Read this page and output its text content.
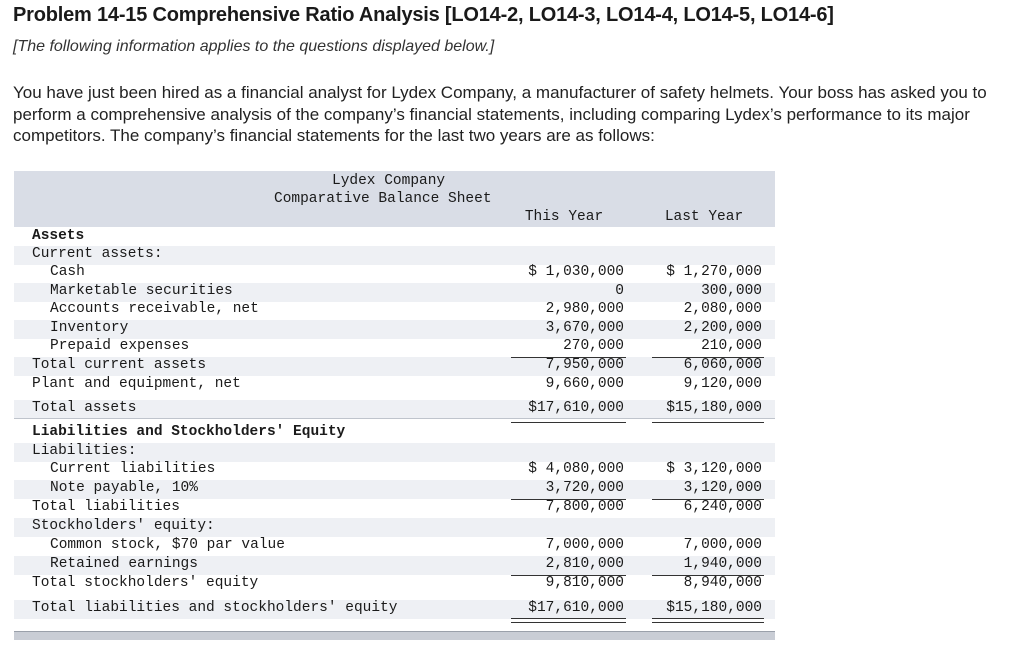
Problem 14-15 Comprehensive Ratio Analysis [LO14-2, LO14-3, LO14-4, LO14-5, LO14-6]
[The following information applies to the questions displayed below.]
You have just been hired as a financial analyst for Lydex Company, a manufacturer of safety helmets. Your boss has asked you to perform a comprehensive analysis of the company’s financial statements, including comparing Lydex’s performance to its major competitors. The company’s financial statements for the last two years are as follows:
Lydex Company
Comparative Balance Sheet
This Year	Last Year
Assets
Current assets:
Cash	$ 1,030,000	$ 1,270,000
Marketable securities	0	300,000
Accounts receivable, net	2,980,000	2,080,000
Inventory	3,670,000	2,200,000
Prepaid expenses	270,000	210,000
Total current assets	7,950,000	6,060,000
Plant and equipment, net	9,660,000	9,120,000
Total assets	$17,610,000	$15,180,000
Liabilities and Stockholders' Equity
Liabilities:
Current liabilities	$ 4,080,000	$ 3,120,000
Note payable, 10%	3,720,000	3,120,000
Total liabilities	7,800,000	6,240,000
Stockholders' equity:
Common stock, $70 par value	7,000,000	7,000,000
Retained earnings	2,810,000	1,940,000
Total stockholders' equity	9,810,000	8,940,000
Total liabilities and stockholders' equity	$17,610,000	$15,180,000
